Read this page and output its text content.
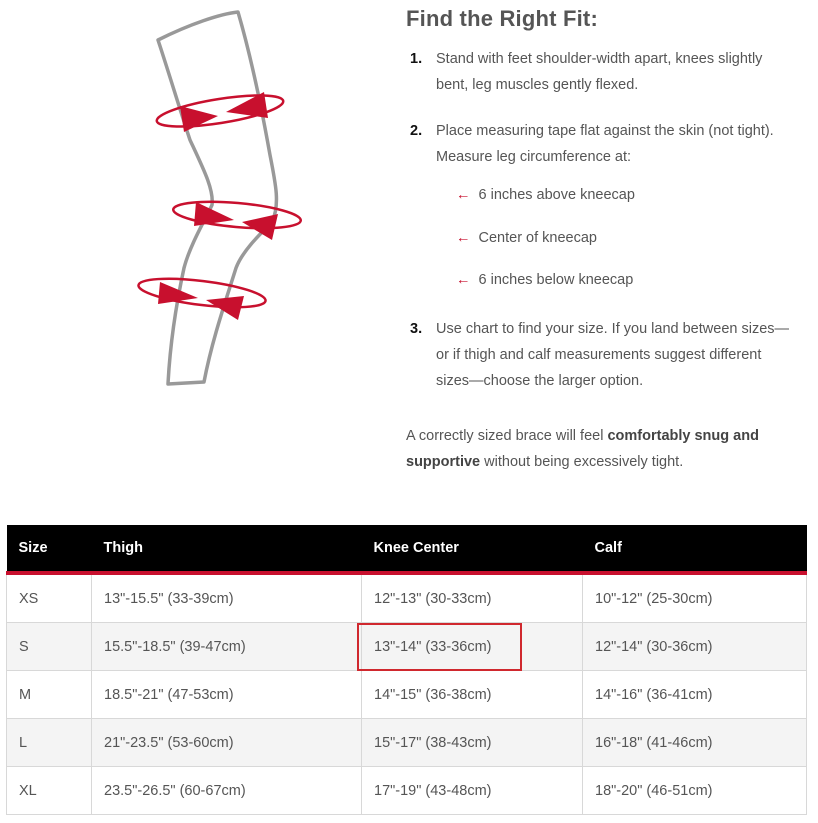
Find the Right Fit:
1. Stand with feet shoulder-width apart, knees slightly bent, leg muscles gently flexed.
2. Place measuring tape flat against the skin (not tight). Measure leg circumference at:
← 6 inches above kneecap
← Center of kneecap
← 6 inches below kneecap
3. Use chart to find your size. If you land between sizes—or if thigh and calf measurements suggest different sizes—choose the larger option.
A correctly sized brace will feel comfortably snug and supportive without being excessively tight.
Size	Thigh	Knee Center	Calf
XS	13"-15.5" (33-39cm)	12"-13" (30-33cm)	10"-12" (25-30cm)
S	15.5"-18.5" (39-47cm)	13"-14" (33-36cm)	12"-14" (30-36cm)
M	18.5"-21" (47-53cm)	14"-15" (36-38cm)	14"-16" (36-41cm)
L	21"-23.5" (53-60cm)	15"-17" (38-43cm)	16"-18" (41-46cm)
XL	23.5"-26.5" (60-67cm)	17"-19" (43-48cm)	18"-20" (46-51cm)
